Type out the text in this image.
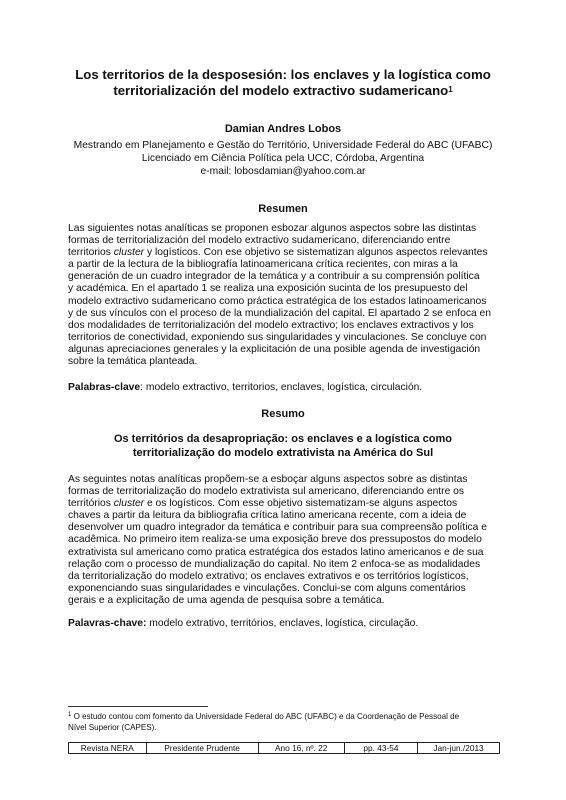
Los territorios de la desposesión: los enclaves y la logística como
territorialización del modelo extractivo sudamericano$^1$
Damian Andres Lobos
Mestrando em Planejamento e Gestão do Território, Universidade Federal do ABC (UFABC)
Licenciado em Ciência Política pela UCC, Córdoba, Argentina
e-mail: lobosdamian@yahoo.com.ar
Resumen
Las siguientes notas analíticas se proponen esbozar algunos aspectos sobre las distintas
formas de territorialización del modelo extractivo sudamericano, diferenciando entre
territorios cluster y logísticos. Con ese objetivo se sistematizan algunos aspectos relevantes
a partir de la lectura de la bibliografía latinoamericana crítica recientes, con miras a la
generación de un cuadro integrador de la temática y a contribuir a su comprensión política
y académica. En el apartado 1 se realiza una exposición sucinta de los presupuesto del
modelo extractivo sudamericano como práctica estratégica de los estados latinoamericanos
y de sus vínculos con el proceso de la mundialización del capital. El apartado 2 se enfoca en
dos modalidades de territorialización del modelo extractivo; los enclaves extractivos y los
territorios de conectividad, exponiendo sus singularidades y vinculaciones. Se concluye con
algunas apreciaciones generales y la explicitación de una posible agenda de investigación
sobre la temática planteada.
Palabras-clave: modelo extractivo, territorios, enclaves, logística, circulación.
Resumo
Os territórios da desapropriação: os enclaves e a logística como
territorialização do modelo extrativista na América do Sul
As seguintes notas analíticas propõem-se a esboçar alguns aspectos sobre as distintas
formas de territorialização do modelo extrativista sul americano, diferenciando entre os
territórios cluster e os logísticos. Com esse objetivo sistematizam-se alguns aspectos
chaves a partir da leitura da bibliografia crítica latino americana recente, com a ideia de
desenvolver um quadro integrador da temática e contribuir para sua compreensão política e
acadêmica. No primeiro item realiza-se uma exposição breve dos pressupostos do modelo
extrativista sul americano como pratica estratégica dos estados latino americanos e de sua
relação com o processo de mundialização do capital. No item 2 enfoca-se as modalidades
da territorialização do modelo extrativo; os enclaves extrativos e os territórios logísticos,
exponenciando suas singularidades e vinculações. Conclui-se com alguns comentários
gerais e a explicitação de uma agenda de pesquisa sobre a temática.
Palavras-chave: modelo extrativo, territórios, enclaves, logística, circulação.
$^1$ O estudo contou com fomento da Universidade Federal do ABC (UFABC) e da Coordenação de Pessoal de
Nível Superior (CAPES).
Revista NERA	Presidente Prudente	Ano 16, nº. 22	pp. 43-54	Jan-jun./2013
